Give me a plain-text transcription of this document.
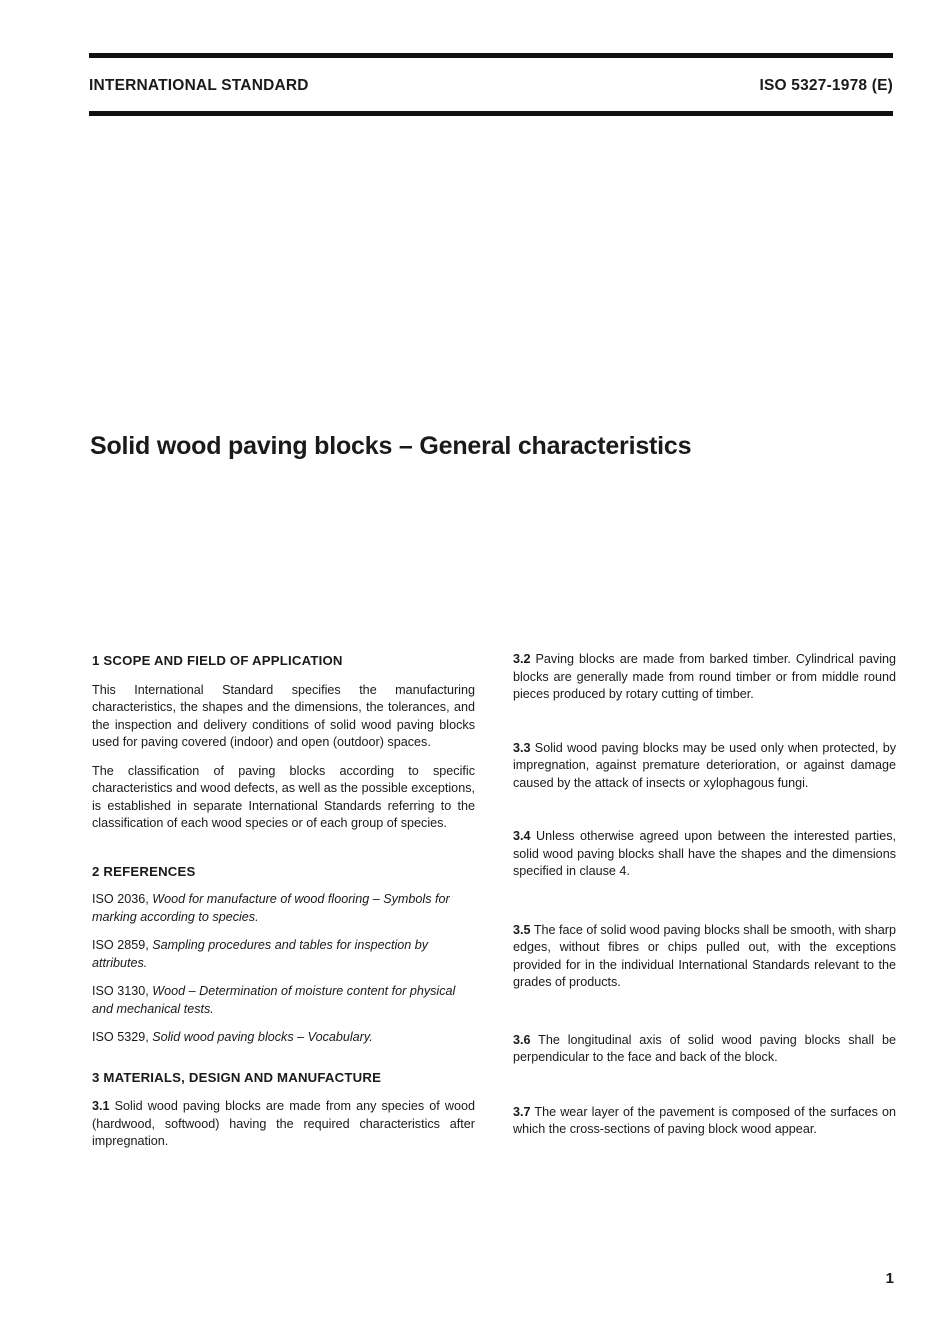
INTERNATIONAL STANDARD	ISO 5327-1978 (E)
Solid wood paving blocks – General characteristics

1 SCOPE AND FIELD OF APPLICATION

This International Standard specifies the manufacturing characteristics, the shapes and the dimensions, the tolerances, and the inspection and delivery conditions of solid wood paving blocks used for paving covered (indoor) and open (outdoor) spaces.

The classification of paving blocks according to specific characteristics and wood defects, as well as the possible exceptions, is established in separate International Standards referring to the classification of each wood species or of each group of species.

2 REFERENCES

ISO 2036, Wood for manufacture of wood flooring – Symbols for marking according to species.

ISO 2859, Sampling procedures and tables for inspection by attributes.

ISO 3130, Wood – Determination of moisture content for physical and mechanical tests.

ISO 5329, Solid wood paving blocks – Vocabulary.

3 MATERIALS, DESIGN AND MANUFACTURE

3.1 Solid wood paving blocks are made from any species of wood (hardwood, softwood) having the required characteristics after impregnation.

3.2 Paving blocks are made from barked timber. Cylindrical paving blocks are generally made from round timber or from middle round pieces produced by rotary cutting of timber.

3.3 Solid wood paving blocks may be used only when protected, by impregnation, against premature deterioration, or against damage caused by the attack of insects or xylophagous fungi.

3.4 Unless otherwise agreed upon between the interested parties, solid wood paving blocks shall have the shapes and the dimensions specified in clause 4.

3.5 The face of solid wood paving blocks shall be smooth, with sharp edges, without fibres or chips pulled out, with the exceptions provided for in the individual International Standards relevant to the grades of products.

3.6 The longitudinal axis of solid wood paving blocks shall be perpendicular to the face and back of the block.

3.7 The wear layer of the pavement is composed of the surfaces on which the cross-sections of paving block wood appear.

1
